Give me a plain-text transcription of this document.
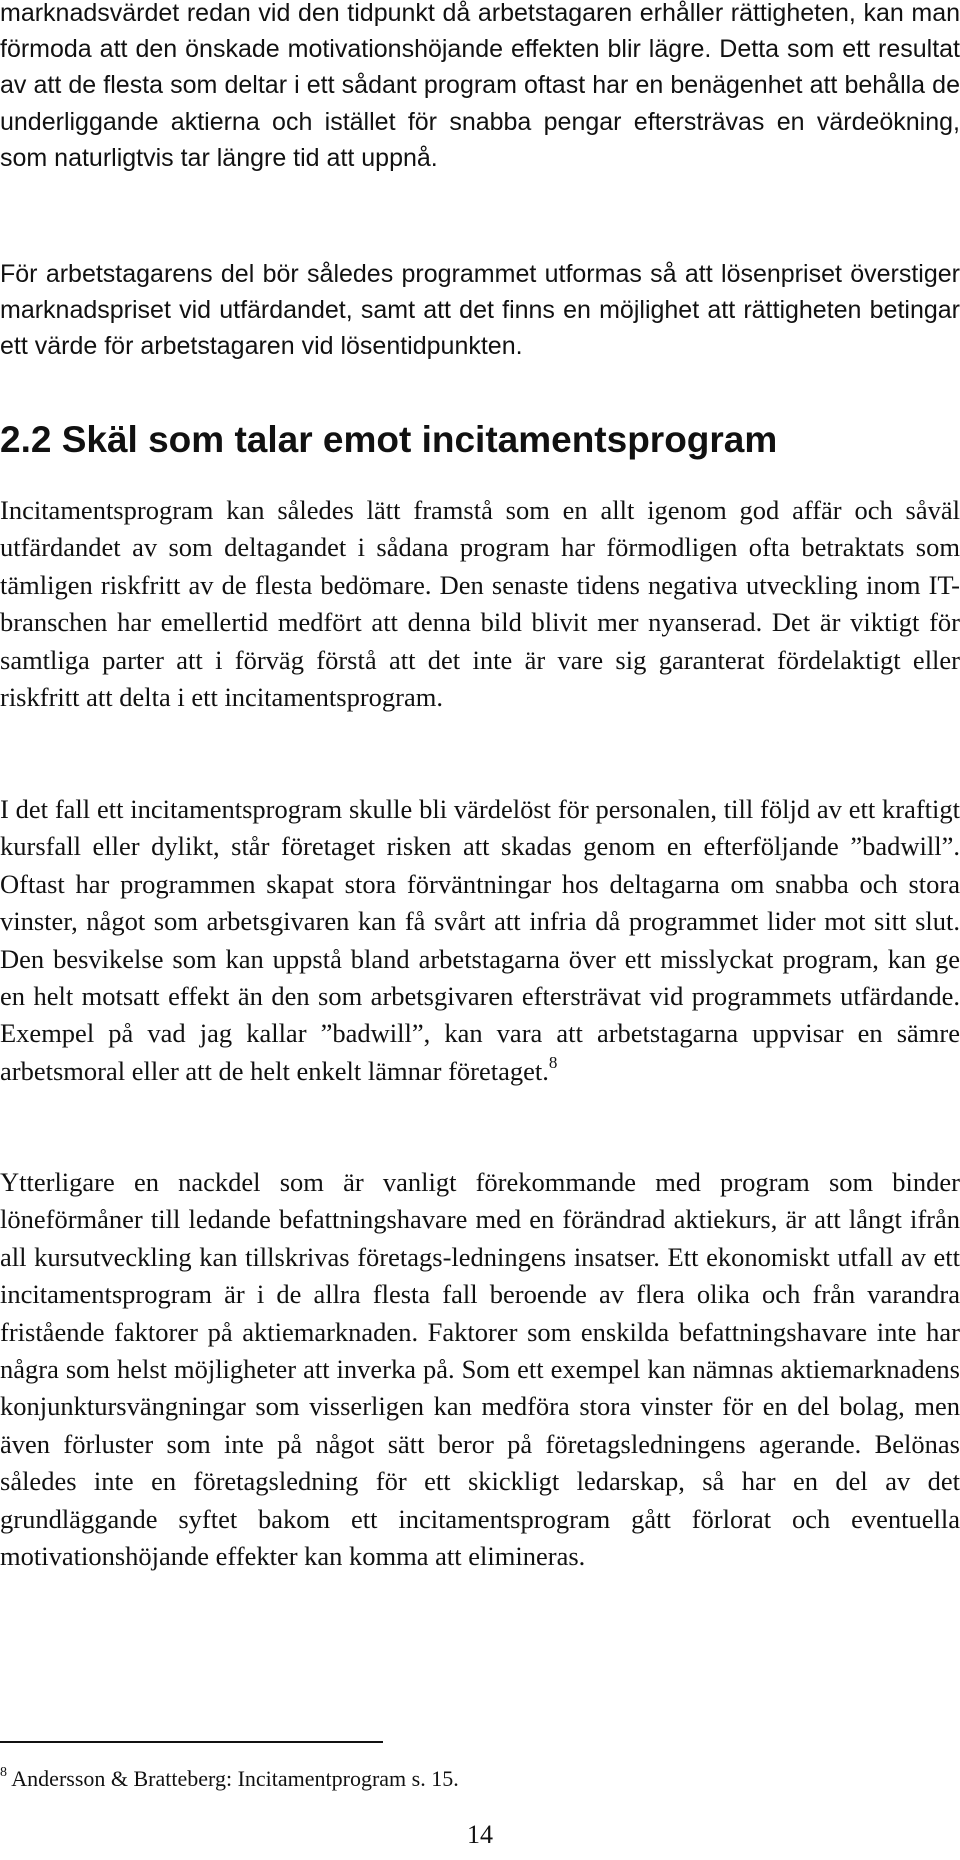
marknadsvärdet redan vid den tidpunkt då arbetstagaren erhåller rättigheten, kan man förmoda att den önskade motivationshöjande effekten blir lägre. Detta som ett resultat av att de flesta som deltar i ett sådant program oftast har en benägenhet att behålla de underliggande aktierna och istället för snabba pengar eftersträvas en värdeökning, som naturligtvis tar längre tid att uppnå.

För arbetstagarens del bör således programmet utformas så att lösenpriset överstiger marknadspriset vid utfärdandet, samt att det finns en möjlighet att rättigheten betingar ett värde för arbetstagaren vid lösentidpunkten.

2.2 Skäl som talar emot incitamentsprogram

Incitamentsprogram kan således lätt framstå som en allt igenom god affär och såväl utfärdandet av som deltagandet i sådana program har förmodligen ofta betraktats som tämligen riskfritt av de flesta bedömare. Den senaste tidens negativa utveckling inom IT-branschen har emellertid medfört att denna bild blivit mer nyanserad. Det är viktigt för samtliga parter att i förväg förstå att det inte är vare sig garanterat fördelaktigt eller riskfritt att delta i ett incitamentsprogram.

I det fall ett incitamentsprogram skulle bli värdelöst för personalen, till följd av ett kraftigt kursfall eller dylikt, står företaget risken att skadas genom en efterföljande ”badwill”. Oftast har programmen skapat stora förväntningar hos deltagarna om snabba och stora vinster, något som arbetsgivaren kan få svårt att infria då programmet lider mot sitt slut. Den besvikelse som kan uppstå bland arbetstagarna över ett misslyckat program, kan ge en helt motsatt effekt än den som arbetsgivaren eftersträvat vid programmets utfärdande. Exempel på vad jag kallar ”badwill”, kan vara att arbetstagarna uppvisar en sämre arbetsmoral eller att de helt enkelt lämnar företaget.$^8$

Ytterligare en nackdel som är vanligt förekommande med program som binder löneförmåner till ledande befattningshavare med en förändrad aktiekurs, är att långt ifrån all kursutveckling kan tillskrivas företags-ledningens insatser. Ett ekonomiskt utfall av ett incitamentsprogram är i de allra flesta fall beroende av flera olika och från varandra fristående faktorer på aktiemarknaden. Faktorer som enskilda befattningshavare inte har några som helst möjligheter att inverka på. Som ett exempel kan nämnas aktiemarknadens konjunktursvängningar som visserligen kan medföra stora vinster för en del bolag, men även förluster som inte på något sätt beror på företagsledningens agerande. Belönas således inte en företagsledning för ett skickligt ledarskap, så har en del av det grundläggande syftet bakom ett incitamentsprogram gått förlorat och eventuella motivationshöjande effekter kan komma att elimineras.

$^8$ Andersson & Bratteberg: Incitamentprogram s. 15.

14
